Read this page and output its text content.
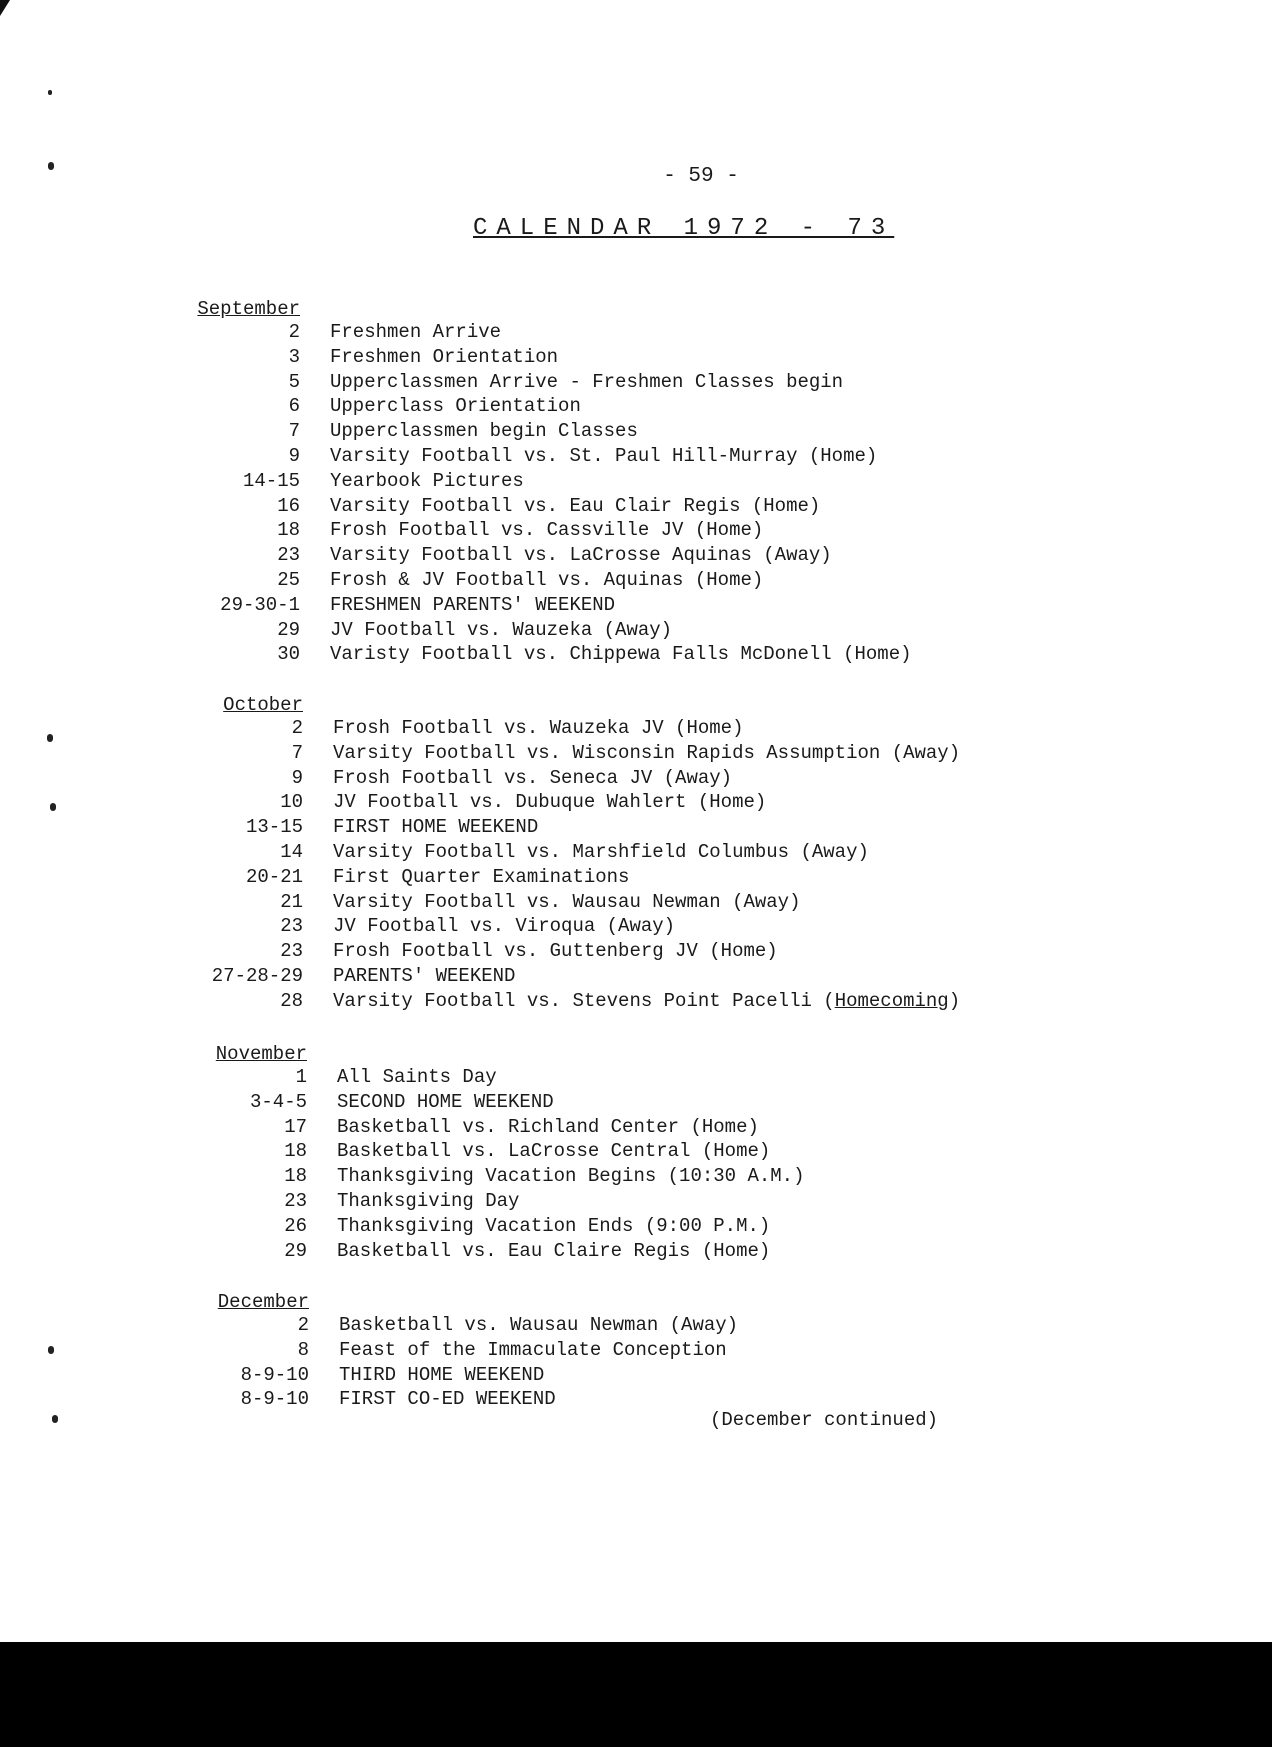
- 59 -
CALENDAR 1972 - 73
September
2 Freshmen Arrive
3 Freshmen Orientation
5 Upperclassmen Arrive - Freshmen Classes begin
6 Upperclass Orientation
7 Upperclassmen begin Classes
9 Varsity Football vs. St. Paul Hill-Murray (Home)
14-15 Yearbook Pictures
16 Varsity Football vs. Eau Clair Regis (Home)
18 Frosh Football vs. Cassville JV (Home)
23 Varsity Football vs. LaCrosse Aquinas (Away)
25 Frosh & JV Football vs. Aquinas (Home)
29-30-1 FRESHMEN PARENTS' WEEKEND
29 JV Football vs. Wauzeka (Away)
30 Varisty Football vs. Chippewa Falls McDonell (Home)
October
2 Frosh Football vs. Wauzeka JV (Home)
7 Varsity Football vs. Wisconsin Rapids Assumption (Away)
9 Frosh Football vs. Seneca JV (Away)
10 JV Football vs. Dubuque Wahlert (Home)
13-15 FIRST HOME WEEKEND
14 Varsity Football vs. Marshfield Columbus (Away)
20-21 First Quarter Examinations
21 Varsity Football vs. Wausau Newman (Away)
23 JV Football vs. Viroqua (Away)
23 Frosh Football vs. Guttenberg JV (Home)
27-28-29 PARENTS' WEEKEND
28 Varsity Football vs. Stevens Point Pacelli (Homecoming)
November
1 All Saints Day
3-4-5 SECOND HOME WEEKEND
17 Basketball vs. Richland Center (Home)
18 Basketball vs. LaCrosse Central (Home)
18 Thanksgiving Vacation Begins (10:30 A.M.)
23 Thanksgiving Day
26 Thanksgiving Vacation Ends (9:00 P.M.)
29 Basketball vs. Eau Claire Regis (Home)
December
2 Basketball vs. Wausau Newman (Away)
8 Feast of the Immaculate Conception
8-9-10 THIRD HOME WEEKEND
8-9-10 FIRST CO-ED WEEKEND
(December continued)
